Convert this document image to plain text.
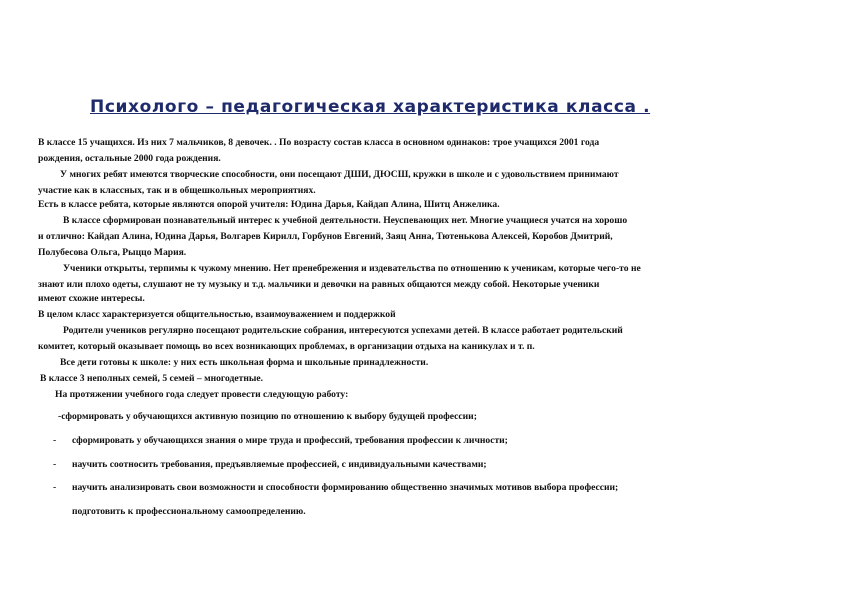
Психолого – педагогическая характеристика класса .
В классе 15 учащихся. Из них 7 мальчиков, 8 девочек. . По возрасту состав класса в основном одинаков: трое учащихся 2001 года
рождения, остальные 2000 года рождения.
У многих ребят имеются творческие способности, они посещают ДШИ, ДЮСШ, кружки в школе и с удовольствием принимают
участие как в классных, так и в общешкольных мероприятиях.
Есть в классе ребята, которые являются опорой учителя: Юдина Дарья, Кайдап Алина, Шитц Анжелика.
В классе сформирован познавательный интерес к учебной деятельности. Неуспевающих нет. Многие учащиеся учатся на хорошо
и отлично: Кайдап Алина, Юдина Дарья, Волгарев Кирилл, Горбунов Евгений, Заяц Анна, Тютенькова Алексей, Коробов Дмитрий,
Полубесова Ольга, Рыццо Мария.
Ученики открыты, терпимы к чужому мнению. Нет пренебрежения и издевательства по отношению к ученикам, которые чего-то не
знают или плохо одеты, слушают не ту музыку и т.д. мальчики и девочки на равных общаются между собой. Некоторые ученики
имеют схожие интересы.
В целом класс характеризуется общительностью, взаимоуважением и поддержкой
Родители учеников регулярно посещают родительские собрания, интересуются успехами детей. В классе работает родительский
комитет, который оказывает помощь во всех возникающих проблемах, в организации отдыха на каникулах и т. п.
Все дети готовы к школе: у них есть школьная форма и школьные принадлежности.
В классе 3 неполных семей, 5 семей – многодетные.
На протяжении учебного года следует провести следующую работу:
-сформировать у обучающихся активную позицию по отношению к выбору будущей профессии;
- сформировать у обучающихся знания о мире труда и профессий, требования профессии к личности;
- научить соотносить требования, предъявляемые профессией, с индивидуальными качествами;
- научить анализировать свои возможности и способности формированию общественно значимых мотивов выбора профессии;
подготовить к профессиональному самоопределению.
